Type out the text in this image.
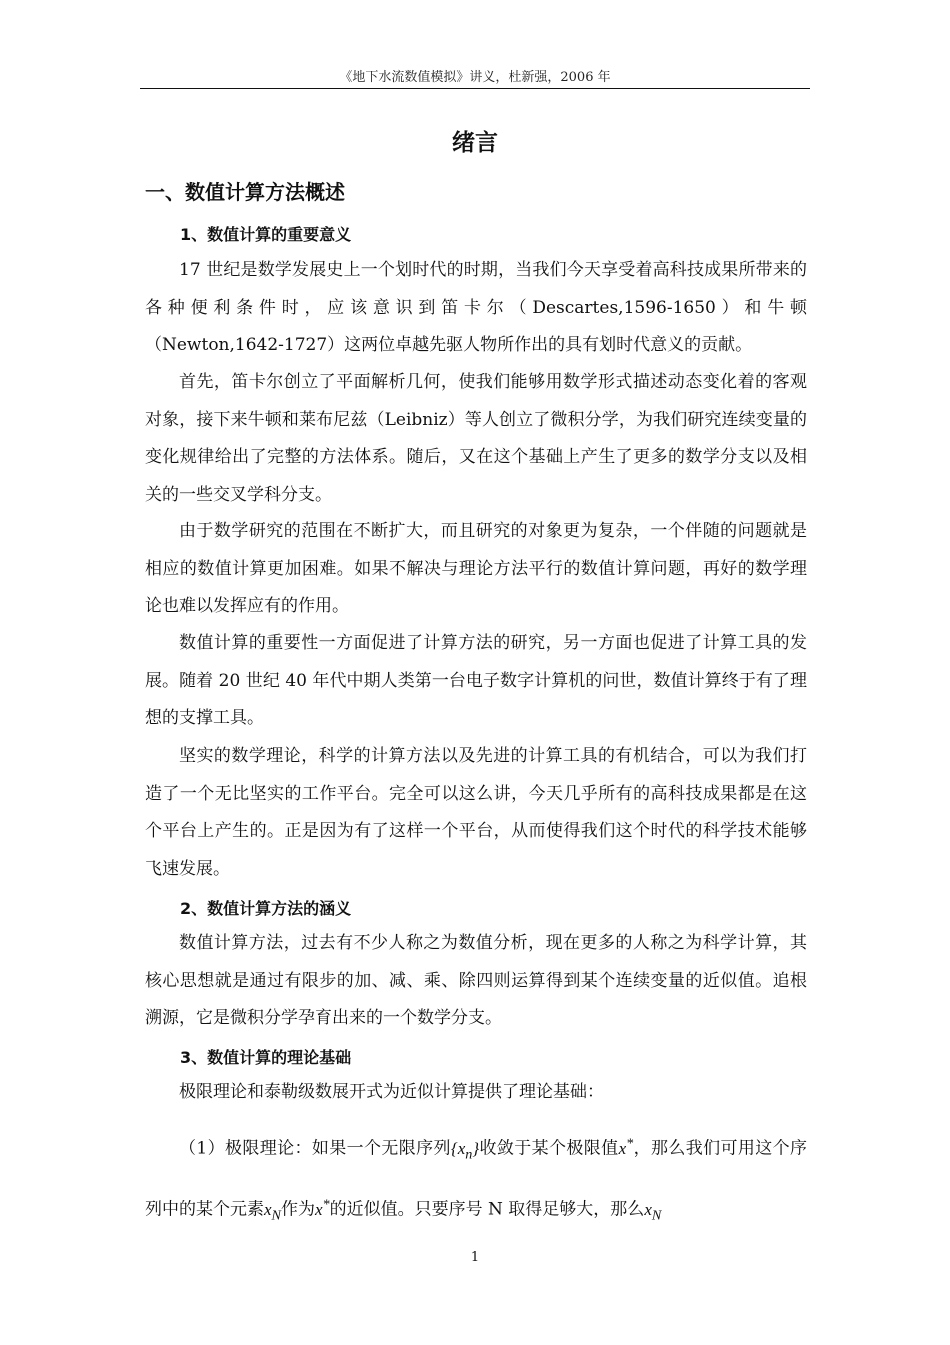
《地下水流数值模拟》讲义，杜新强，2006 年
绪言
一、数值计算方法概述
1、数值计算的重要意义

17 世纪是数学发展史上一个划时代的时期，当我们今天享受着高科技成果所带来的各种便利条件时，应该意识到笛卡尔（Descartes,1596-1650）和牛顿（Newton,1642-1727）这两位卓越先驱人物所作出的具有划时代意义的贡献。

首先，笛卡尔创立了平面解析几何，使我们能够用数学形式描述动态变化着的客观对象，接下来牛顿和莱布尼兹（Leibniz）等人创立了微积分学，为我们研究连续变量的变化规律给出了完整的方法体系。随后，又在这个基础上产生了更多的数学分支以及相关的一些交叉学科分支。

由于数学研究的范围在不断扩大，而且研究的对象更为复杂，一个伴随的问题就是相应的数值计算更加困难。如果不解决与理论方法平行的数值计算问题，再好的数学理论也难以发挥应有的作用。

数值计算的重要性一方面促进了计算方法的研究，另一方面也促进了计算工具的发展。随着 20 世纪 40 年代中期人类第一台电子数字计算机的问世，数值计算终于有了理想的支撑工具。

坚实的数学理论，科学的计算方法以及先进的计算工具的有机结合，可以为我们打造了一个无比坚实的工作平台。完全可以这么讲，今天几乎所有的高科技成果都是在这个平台上产生的。正是因为有了这样一个平台，从而使得我们这个时代的科学技术能够飞速发展。

2、数值计算方法的涵义

数值计算方法，过去有不少人称之为数值分析，现在更多的人称之为科学计算，其核心思想就是通过有限步的加、减、乘、除四则运算得到某个连续变量的近似值。追根溯源，它是微积分学孕育出来的一个数学分支。

3、数值计算的理论基础

极限理论和泰勒级数展开式为近似计算提供了理论基础：

（1）极限理论：如果一个无限序列$\{x_n\}$收敛于某个极限值x*，那么我们可用这个序列中的某个元素$x_N$作为x*的近似值。只要序号 N 取得足够大，那么$x_N$

1
